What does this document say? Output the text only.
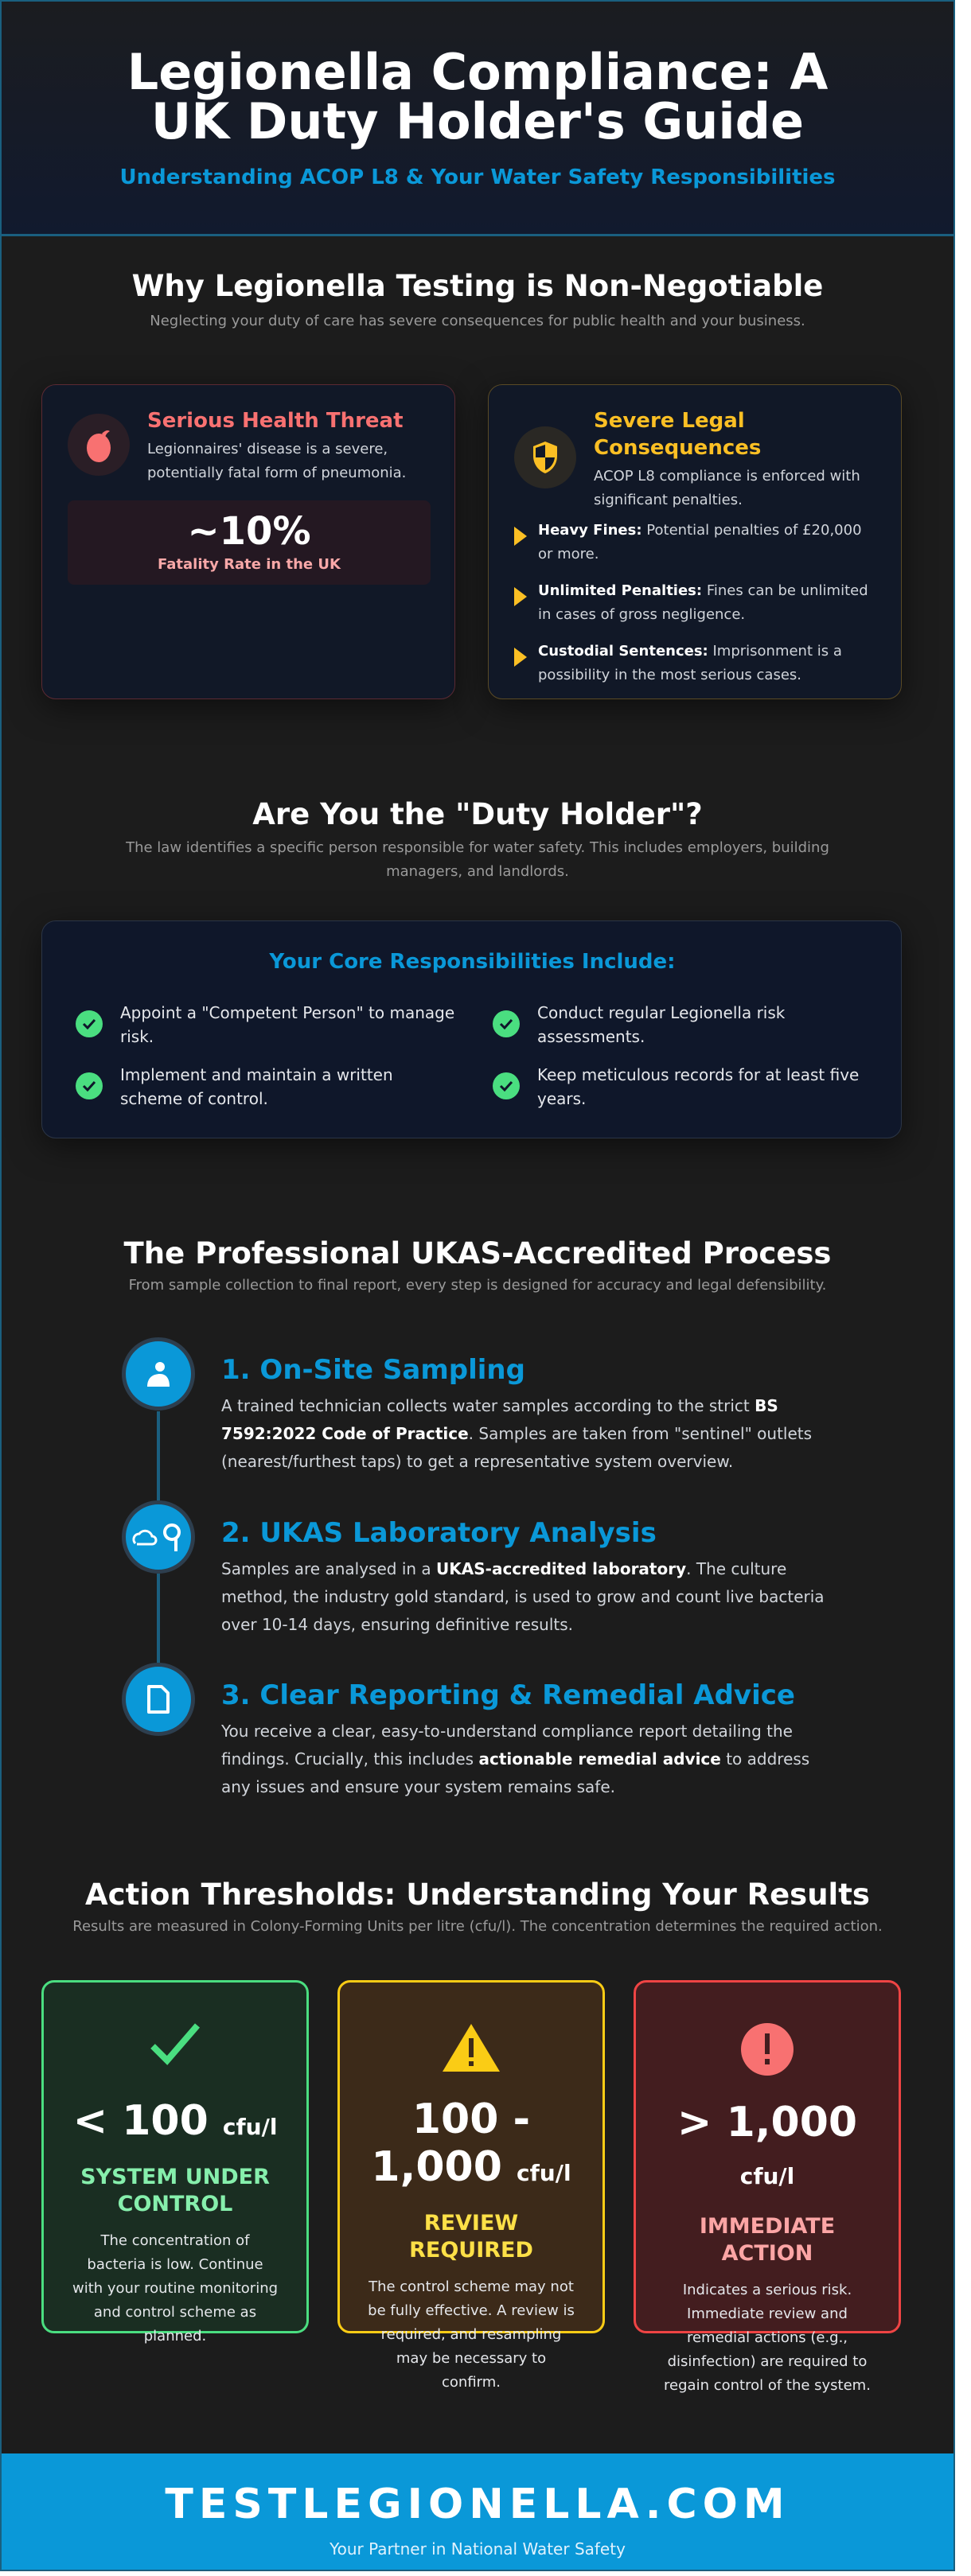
Legionella Compliance: A UK Duty Holder's Guide
Understanding ACOP L8 & Your Water Safety Responsibilities
Why Legionella Testing is Non-Negotiable
Neglecting your duty of care has severe consequences for public health and your business.
Serious Health Threat
Legionnaires' disease is a severe, potentially fatal form of pneumonia.
~10%
Fatality Rate in the UK
Severe Legal Consequences
ACOP L8 compliance is enforced with significant penalties.
Heavy Fines: Potential penalties of £20,000 or more.
Unlimited Penalties: Fines can be unlimited in cases of gross negligence.
Custodial Sentences: Imprisonment is a possibility in the most serious cases.
Are You the "Duty Holder"?
The law identifies a specific person responsible for water safety. This includes employers, building managers, and landlords.
Your Core Responsibilities Include:
Appoint a "Competent Person" to manage risk.
Conduct regular Legionella risk assessments.
Implement and maintain a written scheme of control.
Keep meticulous records for at least five years.
The Professional UKAS-Accredited Process
From sample collection to final report, every step is designed for accuracy and legal defensibility.
1. On-Site Sampling

A trained technician collects water samples according to the strict BS 7592:2022 Code of Practice. Samples are taken from "sentinel" outlets (nearest/furthest taps) to get a representative system overview.

2. UKAS Laboratory Analysis

Samples are analysed in a UKAS-accredited laboratory. The culture method, the industry gold standard, is used to grow and count live bacteria over 10-14 days, ensuring definitive results.

3. Clear Reporting & Remedial Advice

You receive a clear, easy-to-understand compliance report detailing the findings. Crucially, this includes actionable remedial advice to address any issues and ensure your system remains safe.

Action Thresholds: Understanding Your Results
Results are measured in Colony-Forming Units per litre (cfu/l). The concentration determines the required action.
< 100 cfu/l
SYSTEM UNDER CONTROL
The concentration of bacteria is low. Continue with your routine monitoring and control scheme as planned.
100 - 1,000 cfu/l
REVIEW REQUIRED
The control scheme may not be fully effective. A review is required, and resampling may be necessary to confirm.
> 1,000
cfu/l
IMMEDIATE ACTION
Indicates a serious risk. Immediate review and remedial actions (e.g., disinfection) are required to regain control of the system.
TESTLEGIONELLA.COM
Your Partner in National Water Safety
